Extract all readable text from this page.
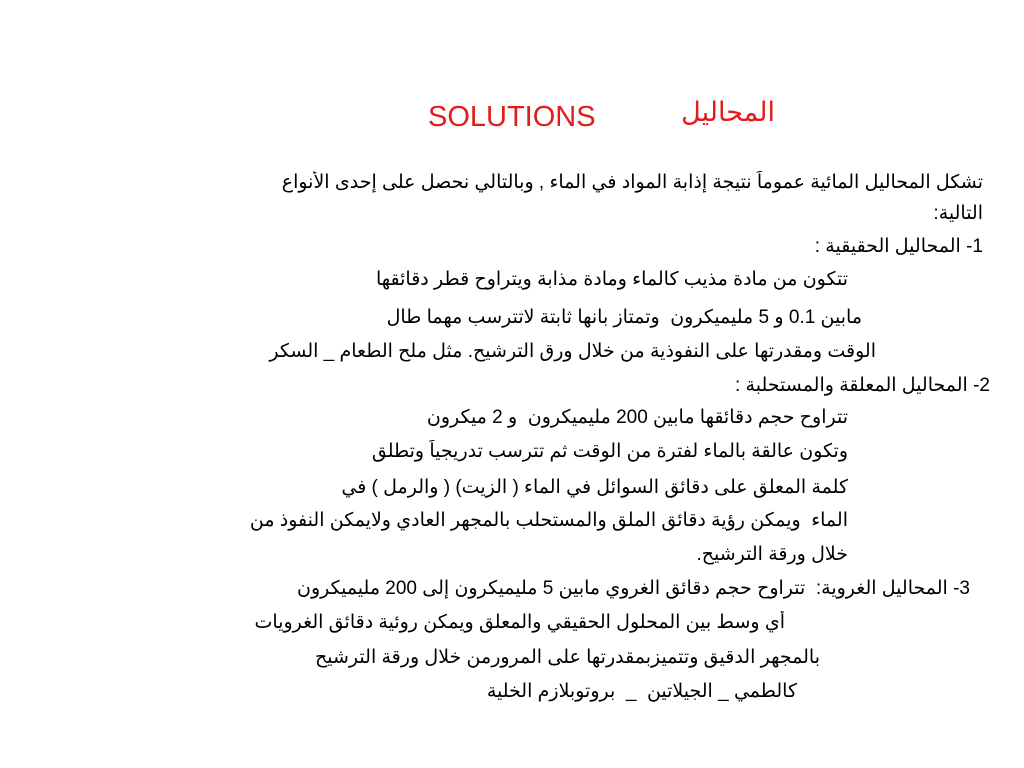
SOLUTIONS	المحاليل
تشكل المحاليل المائية عموماً نتيجة إذابة المواد في الماء , وبالتالي نحصل على إحدى الأنواع
التالية:
1- المحاليل الحقيقية :
تتكون من مادة مذيب كالماء ومادة مذابة ويتراوح قطر دقائقها
مابين 0.1 و 5 مليميكرون  وتمتاز بانها ثابتة لاتترسب مهما طال
الوقت ومقدرتها على النفوذية من خلال ورق الترشيح. مثل ملح الطعام _ السكر
2- المحاليل المعلقة والمستحلبة :
تتراوح حجم دقائقها مابين 200 مليميكرون  و 2 ميكرون
وتكون عالقة بالماء لفترة من الوقت ثم تترسب تدريجياً وتطلق
كلمة المعلق على دقائق السوائل في الماء ( الزيت) ( والرمل ) في
الماء  ويمكن رؤية دقائق الملق والمستحلب بالمجهر العادي ولايمكن النفوذ من
خلال ورقة الترشيح.
3- المحاليل الغروية:  تتراوح حجم دقائق الغروي مابين 5 مليميكرون إلى 200 مليميكرون
أي وسط بين المحلول الحقيقي والمعلق ويمكن روئية دقائق الغرويات
بالمجهر الدقيق وتتميزبمقدرتها على المرورمن خلال ورقة الترشيح
كالطمي _ الجيلاتين  _  بروتوبلازم الخلية
